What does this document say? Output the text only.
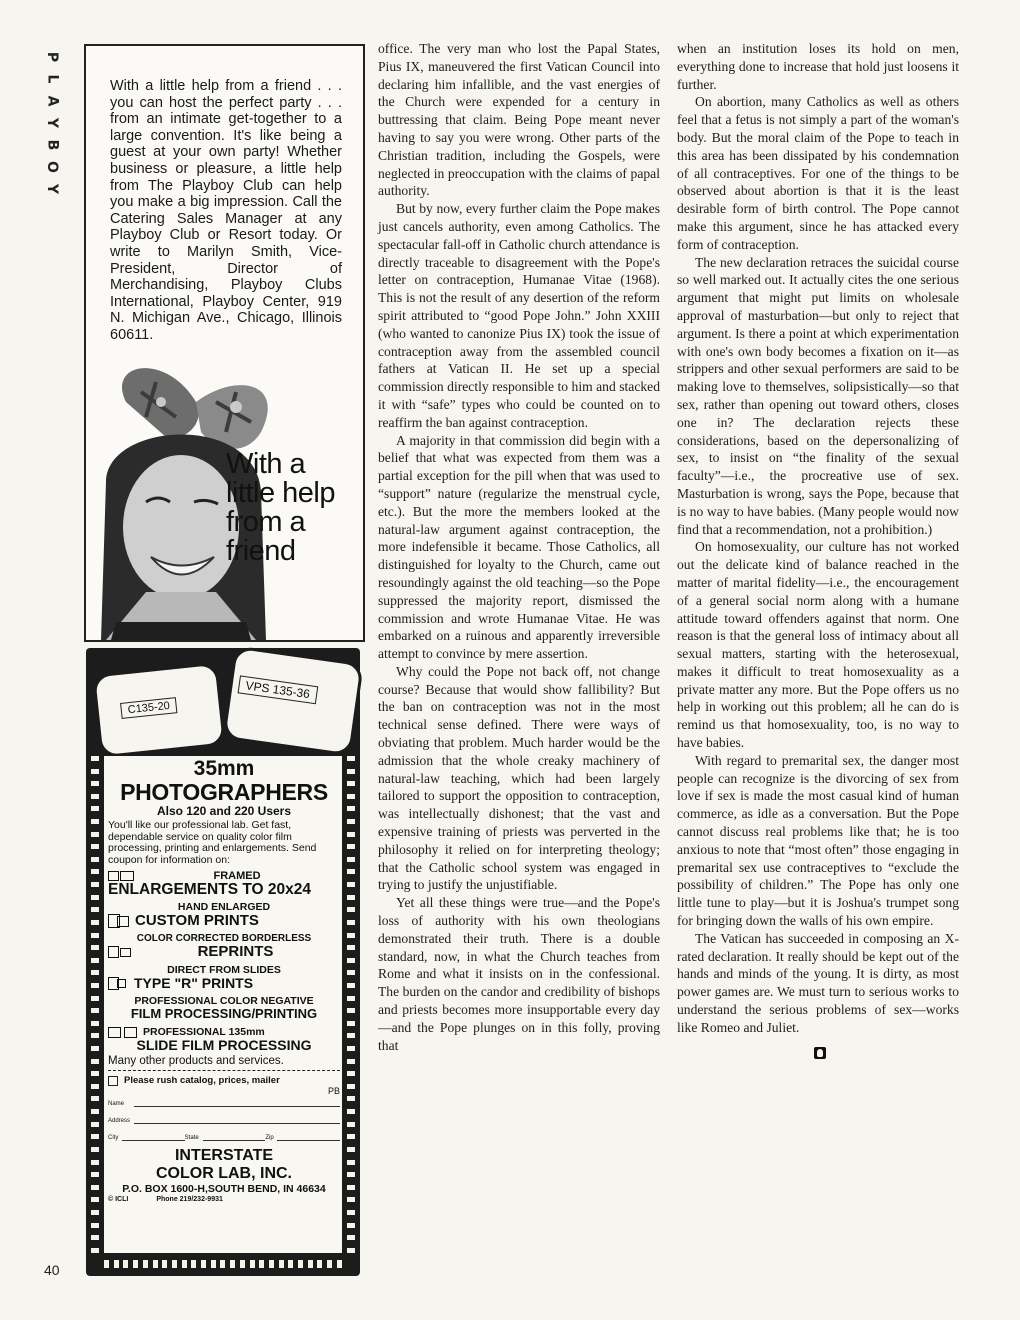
P
L
A
Y
B
O
Y
40
With a little help from a friend . . . you can host the perfect party . . . from an intimate get-together to a large convention. It's like being a guest at your own party! Whether business or pleasure, a little help from The Playboy Club can help you make a big impression. Call the Catering Sales Manager at any Playboy Club or Resort today. Or write to Marilyn Smith, Vice-President, Director of Merchandising, Playboy Clubs International, Playboy Center, 919 N. Michigan Ave., Chicago, Illinois 60611.
With a
little help
from a
friend
C135-20
VPS 135-36
35mm
PHOTOGRAPHERS
Also 120 and 220 Users
You'll like our professional lab. Get fast, dependable service on quality color film processing, printing and enlargements. Send coupon for information on:
FRAMED
ENLARGEMENTS TO 20x24
HAND ENLARGED
CUSTOM PRINTS
COLOR CORRECTED BORDERLESS
REPRINTS
DIRECT FROM SLIDES
TYPE "R" PRINTS
PROFESSIONAL COLOR NEGATIVE
FILM PROCESSING/PRINTING
PROFESSIONAL 135mm
SLIDE FILM PROCESSING
Many other products and services.
Please rush catalog, prices, mailer
PB
Name
Address
City	State	Zip
INTERSTATE
COLOR LAB, INC.
P.O. BOX 1600-H,SOUTH BEND, IN 46634
© ICLI	Phone 219/232-9931

office. The very man who lost the Papal States, Pius IX, maneuvered the first Vatican Council into declaring him infallible, and the vast energies of the Church were expended for a century in buttressing that claim. Being Pope meant never having to say you were wrong. Other parts of the Christian tradition, including the Gospels, were neglected in preoccupation with the claims of papal authority.

But by now, every further claim the Pope makes just cancels authority, even among Catholics. The spectacular fall-off in Catholic church attendance is directly traceable to disagreement with the Pope's letter on contraception, Humanae Vitae (1968). This is not the result of any desertion of the reform spirit attributed to “good Pope John.” John XXIII (who wanted to canonize Pius IX) took the issue of contraception away from the assembled council fathers at Vatican II. He set up a special commission directly responsible to him and stacked it with “safe” types who could be counted on to reaffirm the ban against contraception.

A majority in that commission did begin with a belief that what was expected from them was a partial exception for the pill when that was used to “support” nature (regularize the menstrual cycle, etc.). But the more the members looked at the natural-law argument against contraception, the more indefensible it became. Those Catholics, all distinguished for loyalty to the Church, came out resoundingly against the old teaching—so the Pope suppressed the majority report, dismissed the commission and wrote Humanae Vitae. He was embarked on a ruinous and apparently irreversible attempt to convince by mere assertion.

Why could the Pope not back off, not change course? Because that would show fallibility? But the ban on contraception was not in the most technical sense defined. There were ways of obviating that problem. Much harder would be the admission that the whole creaky machinery of natural-law teaching, which had been largely tailored to support the opposition to contraception, was intellectually dishonest; that the vast and expensive training of priests was perverted in the philosophy it relied on for interpreting theology; that the Catholic school system was engaged in trying to justify the unjustifiable.

Yet all these things were true—and the Pope's loss of authority with his own theologians demonstrated their truth. There is a double standard, now, in what the Church teaches from Rome and what it insists on in the confessional. The burden on the candor and credibility of bishops and priests becomes more insupportable every day—and the Pope plunges on in this folly, proving that

when an institution loses its hold on men, everything done to increase that hold just loosens it further.

On abortion, many Catholics as well as others feel that a fetus is not simply a part of the woman's body. But the moral claim of the Pope to teach in this area has been dissipated by his condemnation of all contraceptives. For one of the things to be observed about abortion is that it is the least desirable form of birth control. The Pope cannot make this argument, since he has attacked every form of contraception.

The new declaration retraces the suicidal course so well marked out. It actually cites the one serious argument that might put limits on wholesale approval of masturbation—but only to reject that argument. Is there a point at which experimentation with one's own body becomes a fixation on it—as strippers and other sexual performers are said to be making love to themselves, solipsistically—so that sex, rather than opening out toward others, closes one in? The declaration rejects these considerations, based on the depersonalizing of sex, to insist on “the finality of the sexual faculty”—i.e., the procreative use of sex. Masturbation is wrong, says the Pope, because that is no way to have babies. (Many people would now find that a recommendation, not a prohibition.)

On homosexuality, our culture has not worked out the delicate kind of balance reached in the matter of marital fidelity—i.e., the encouragement of a general social norm along with a humane attitude toward offenders against that norm. One reason is that the general loss of intimacy about all sexual matters, starting with the heterosexual, makes it difficult to treat homosexuality as a private matter any more. But the Pope offers us no help in working out this problem; all he can do is remind us that homosexuality, too, is no way to have babies.

With regard to premarital sex, the danger most people can recognize is the divorcing of sex from love if sex is made the most casual kind of human commerce, as idle as a conversation. But the Pope cannot discuss real problems like that; he is too anxious to note that “most often” those engaging in premarital sex use contraceptives to “exclude the possibility of children.” The Pope has only one little tune to play—but it is Joshua's trumpet song for bringing down the walls of his own empire.

The Vatican has succeeded in composing an X-rated declaration. It really should be kept out of the hands and minds of the young. It is dirty, as most power games are. We must turn to serious works to understand the serious problems of sex—works like Romeo and Juliet.
